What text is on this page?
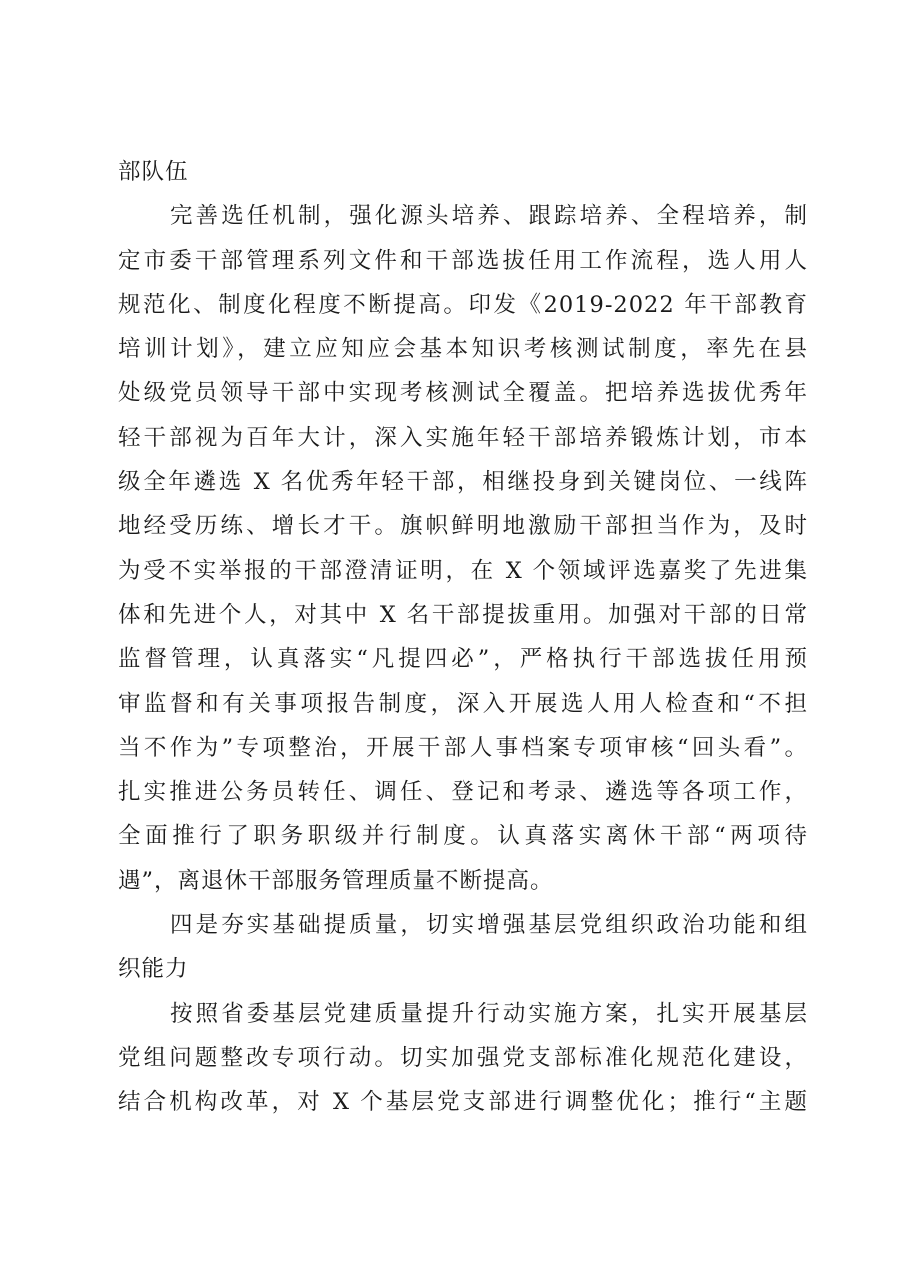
部队伍
完善选任机制，强化源头培养、跟踪培养、全程培养，制
定市委干部管理系列文件和干部选拔任用工作流程，选人用人
规范化、制度化程度不断提高。印发《2019-2022 年干部教育
培训计划》，建立应知应会基本知识考核测试制度，率先在县
处级党员领导干部中实现考核测试全覆盖。把培养选拔优秀年
轻干部视为百年大计，深入实施年轻干部培养锻炼计划，市本
级全年遴选 X 名优秀年轻干部，相继投身到关键岗位、一线阵
地经受历练、增长才干。旗帜鲜明地激励干部担当作为，及时
为受不实举报的干部澄清证明，在 X 个领域评选嘉奖了先进集
体和先进个人，对其中 X 名干部提拔重用。加强对干部的日常
监督管理，认真落实“凡提四必”，严格执行干部选拔任用预
审监督和有关事项报告制度，深入开展选人用人检查和“不担
当不作为”专项整治，开展干部人事档案专项审核“回头看”。
扎实推进公务员转任、调任、登记和考录、遴选等各项工作，
全面推行了职务职级并行制度。认真落实离休干部“两项待
遇”，离退休干部服务管理质量不断提高。
四是夯实基础提质量，切实增强基层党组织政治功能和组
织能力
按照省委基层党建质量提升行动实施方案，扎实开展基层
党组问题整改专项行动。切实加强党支部标准化规范化建设，
结合机构改革，对 X 个基层党支部进行调整优化；推行“主题
